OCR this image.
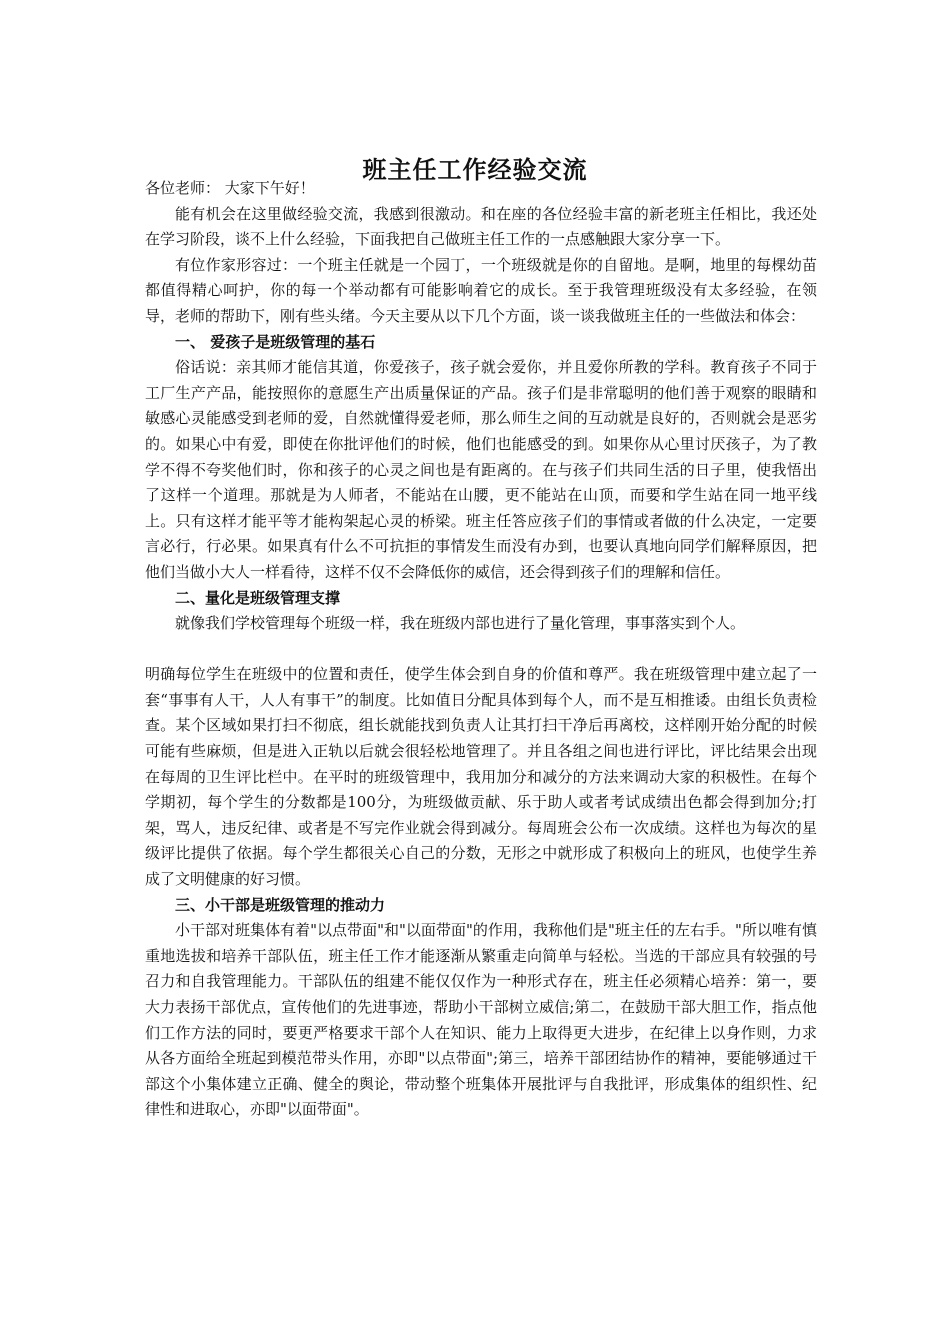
班主任工作经验交流

各位老师： 大家下午好！

能有机会在这里做经验交流，我感到很激动。和在座的各位经验丰富的新老班主任相比，我还处在学习阶段，谈不上什么经验，下面我把自己做班主任工作的一点感触跟大家分享一下。

有位作家形容过：一个班主任就是一个园丁，一个班级就是你的自留地。是啊，地里的每棵幼苗都值得精心呵护，你的每一个举动都有可能影响着它的成长。至于我管理班级没有太多经验，在领导，老师的帮助下，刚有些头绪。今天主要从以下几个方面，谈一谈我做班主任的一些做法和体会：

一、 爱孩子是班级管理的基石

俗话说：亲其师才能信其道，你爱孩子，孩子就会爱你，并且爱你所教的学科。教育孩子不同于工厂生产产品，能按照你的意愿生产出质量保证的产品。孩子们是非常聪明的他们善于观察的眼睛和敏感心灵能感受到老师的爱，自然就懂得爱老师，那么师生之间的互动就是良好的，否则就会是恶劣的。如果心中有爱，即使在你批评他们的时候，他们也能感受的到。如果你从心里讨厌孩子，为了教学不得不夸奖他们时，你和孩子的心灵之间也是有距离的。在与孩子们共同生活的日子里，使我悟出了这样一个道理。那就是为人师者，不能站在山腰，更不能站在山顶，而要和学生站在同一地平线上。只有这样才能平等才能构架起心灵的桥梁。班主任答应孩子们的事情或者做的什么决定，一定要言必行，行必果。如果真有什么不可抗拒的事情发生而没有办到，也要认真地向同学们解释原因，把他们当做小大人一样看待，这样不仅不会降低你的威信，还会得到孩子们的理解和信任。

二、量化是班级管理支撑

就像我们学校管理每个班级一样，我在班级内部也进行了量化管理，事事落实到个人。

明确每位学生在班级中的位置和责任，使学生体会到自身的价值和尊严。我在班级管理中建立起了一套“事事有人干，人人有事干”的制度。比如值日分配具体到每个人，而不是互相推诿。由组长负责检查。某个区域如果打扫不彻底，组长就能找到负责人让其打扫干净后再离校，这样刚开始分配的时候可能有些麻烦，但是进入正轨以后就会很轻松地管理了。并且各组之间也进行评比，评比结果会出现在每周的卫生评比栏中。在平时的班级管理中，我用加分和减分的方法来调动大家的积极性。在每个学期初，每个学生的分数都是100分，为班级做贡献、乐于助人或者考试成绩出色都会得到加分;打架，骂人，违反纪律、或者是不写完作业就会得到减分。每周班会公布一次成绩。这样也为每次的星级评比提供了依据。每个学生都很关心自己的分数，无形之中就形成了积极向上的班风，也使学生养成了文明健康的好习惯。

三、小干部是班级管理的推动力

小干部对班集体有着"以点带面"和"以面带面"的作用，我称他们是"班主任的左右手。"所以唯有慎重地选拔和培养干部队伍，班主任工作才能逐渐从繁重走向简单与轻松。当选的干部应具有较强的号召力和自我管理能力。干部队伍的组建不能仅仅作为一种形式存在，班主任必须精心培养：第一，要大力表扬干部优点，宣传他们的先进事迹，帮助小干部树立威信;第二，在鼓励干部大胆工作，指点他们工作方法的同时，要更严格要求干部个人在知识、能力上取得更大进步，在纪律上以身作则，力求从各方面给全班起到模范带头作用，亦即"以点带面";第三，培养干部团结协作的精神，要能够通过干部这个小集体建立正确、健全的舆论，带动整个班集体开展批评与自我批评，形成集体的组织性、纪律性和进取心，亦即"以面带面"。
